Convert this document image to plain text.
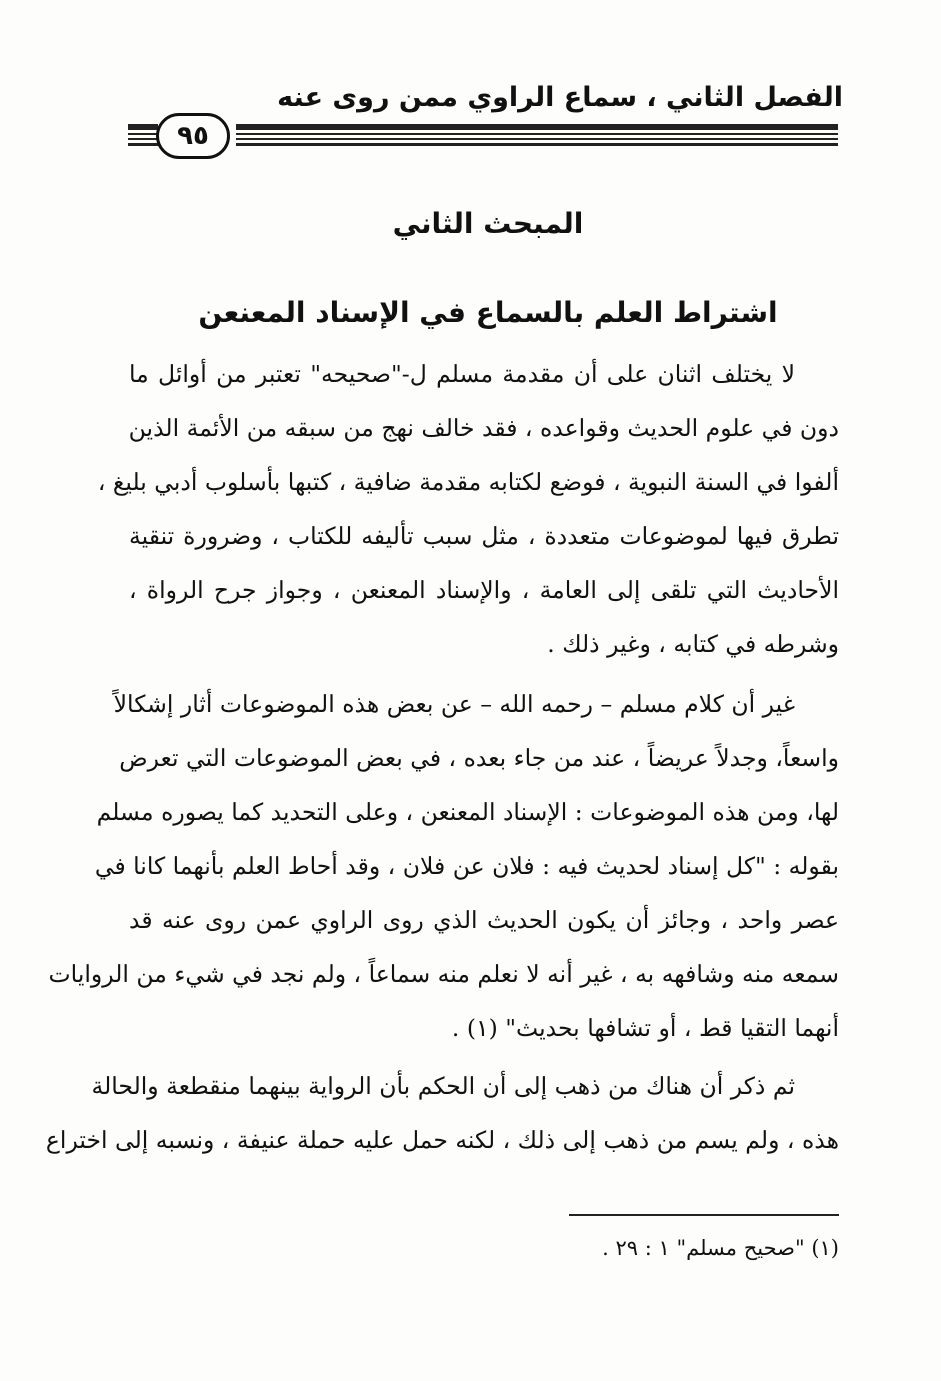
الفصل الثاني ، سماع الراوي ممن روى عنه
٩٥
المبحث الثاني
اشتراط العلم بالسماع في الإسناد المعنعن
لا يختلف اثنان على أن مقدمة مسلم ل-"صحيحه" تعتبر من أوائل ما
دون في علوم الحديث وقواعده ، فقد خالف نهج من سبقه من الأئمة الذين
ألفوا في السنة النبوية ، فوضع لكتابه مقدمة ضافية ، كتبها بأسلوب أدبي بليغ ،
تطرق فيها لموضوعات متعددة ، مثل سبب تأليفه للكتاب ، وضرورة تنقية
الأحاديث التي تلقى إلى العامة ، والإسناد المعنعن ، وجواز جرح الرواة ،
وشرطه في كتابه ، وغير ذلك .
غير أن كلام مسلم – رحمه الله – عن بعض هذه الموضوعات أثار إشكالاً
واسعاً، وجدلاً عريضاً ، عند من جاء بعده ، في بعض الموضوعات التي تعرض
لها، ومن هذه الموضوعات : الإسناد المعنعن ، وعلى التحديد كما يصوره مسلم
بقوله : "كل إسناد لحديث فيه : فلان عن فلان ، وقد أحاط العلم بأنهما كانا في
عصر واحد ، وجائز أن يكون الحديث الذي روى الراوي عمن روى عنه قد
سمعه منه وشافهه به ، غير أنه لا نعلم منه سماعاً ، ولم نجد في شيء من الروايات
أنهما التقيا قط ، أو تشافها بحديث" (١) .
ثم ذكر أن هناك من ذهب إلى أن الحكم بأن الرواية بينهما منقطعة والحالة
هذه ، ولم يسم من ذهب إلى ذلك ، لكنه حمل عليه حملة عنيفة ، ونسبه إلى اختراع
(١) "صحيح مسلم" ١ : ٢٩ .
